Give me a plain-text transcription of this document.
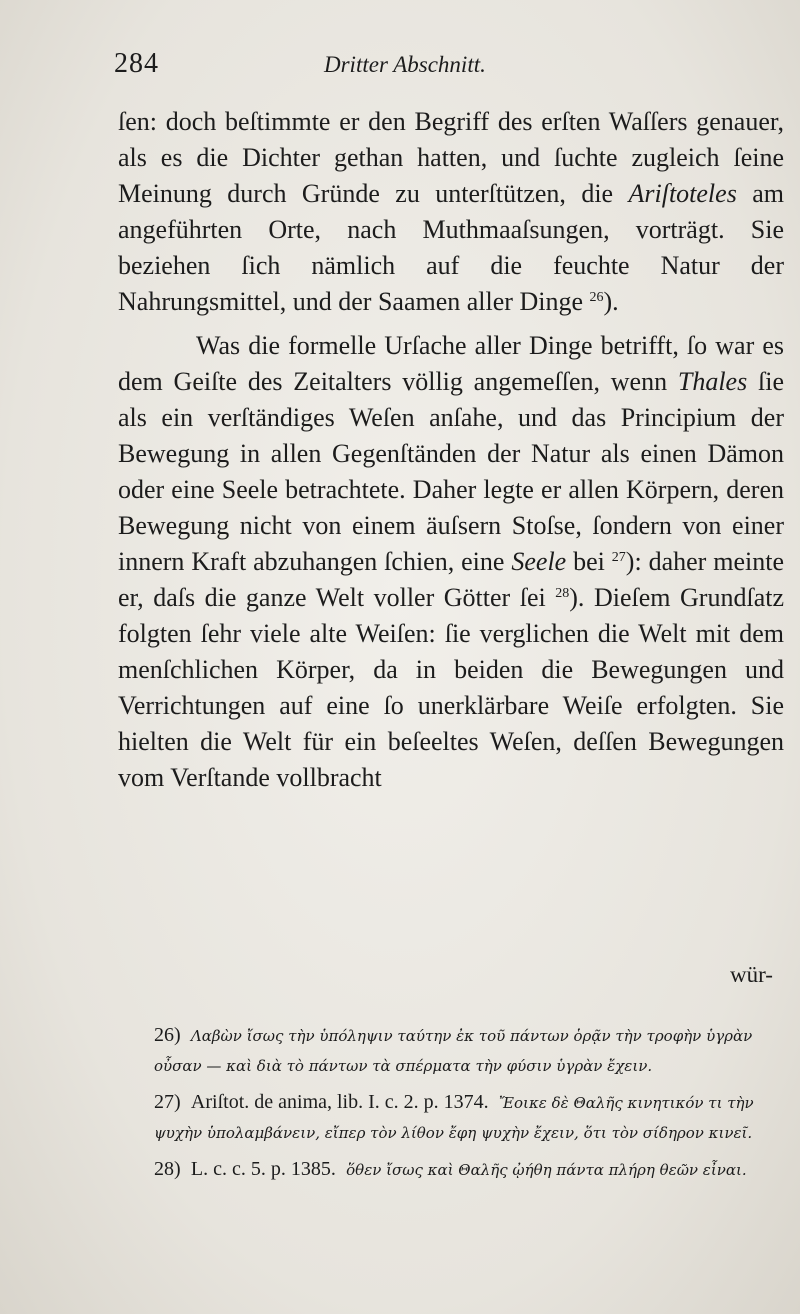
284	Dritter Abschnitt.

ſen: doch beſtimmte er den Begriff des erſten Waſſers genauer, als es die Dichter gethan hatten, und ſuchte zugleich ſeine Meinung durch Gründe zu unterſtützen, die Ariſtoteles am angeführten Orte, nach Muthmaaſsungen, vorträgt. Sie beziehen ſich nämlich auf die feuchte Natur der Nahrungsmittel, und der Saamen aller Dinge $^{26}$).

Was die formelle Urſache aller Dinge betrifft, ſo war es dem Geiſte des Zeitalters völlig angemeſſen, wenn Thales ſie als ein verſtändiges Weſen anſahe, und das Principium der Bewegung in allen Gegenſtänden der Natur als einen Dämon oder eine Seele betrachtete. Daher legte er allen Körpern, deren Bewegung nicht von einem äuſsern Stoſse, ſondern von einer innern Kraft abzuhangen ſchien, eine Seele bei $^{27}$): daher meinte er, daſs die ganze Welt voller Götter ſei $^{28}$). Dieſem Grundſatz folgten ſehr viele alte Weiſen: ſie verglichen die Welt mit dem menſchlichen Körper, da in beiden die Bewegungen und Verrichtungen auf eine ſo unerklärbare Weiſe erfolgten. Sie hielten die Welt für ein beſeeltes Weſen, deſſen Bewegungen vom Verſtande vollbracht

wür-
26) Λαβὼν ἴσως τὴν ὑπόληψιν ταύτην ἐκ τοῦ πάντων ὁρᾷν τὴν τροφὴν ὑγρὰν οὖσαν — καὶ διὰ τὸ πάντων τὰ σπέρματα τὴν φύσιν ὑγρὰν ἔχειν.
27) Ariſtot. de anima, lib. I. c. 2. p. 1374. Ἔοικε δὲ Θαλῆς κινητικόν τι τὴν ψυχὴν ὑπολαμβάνειν, εἴπερ τὸν λίθον ἔφη ψυχὴν ἔχειν, ὅτι τὸν σίδηρον κινεῖ.
28) L. c. c. 5. p. 1385. ὅθεν ἴσως καὶ Θαλῆς ᾠήθη πάντα πλήρη θεῶν εἶναι.
